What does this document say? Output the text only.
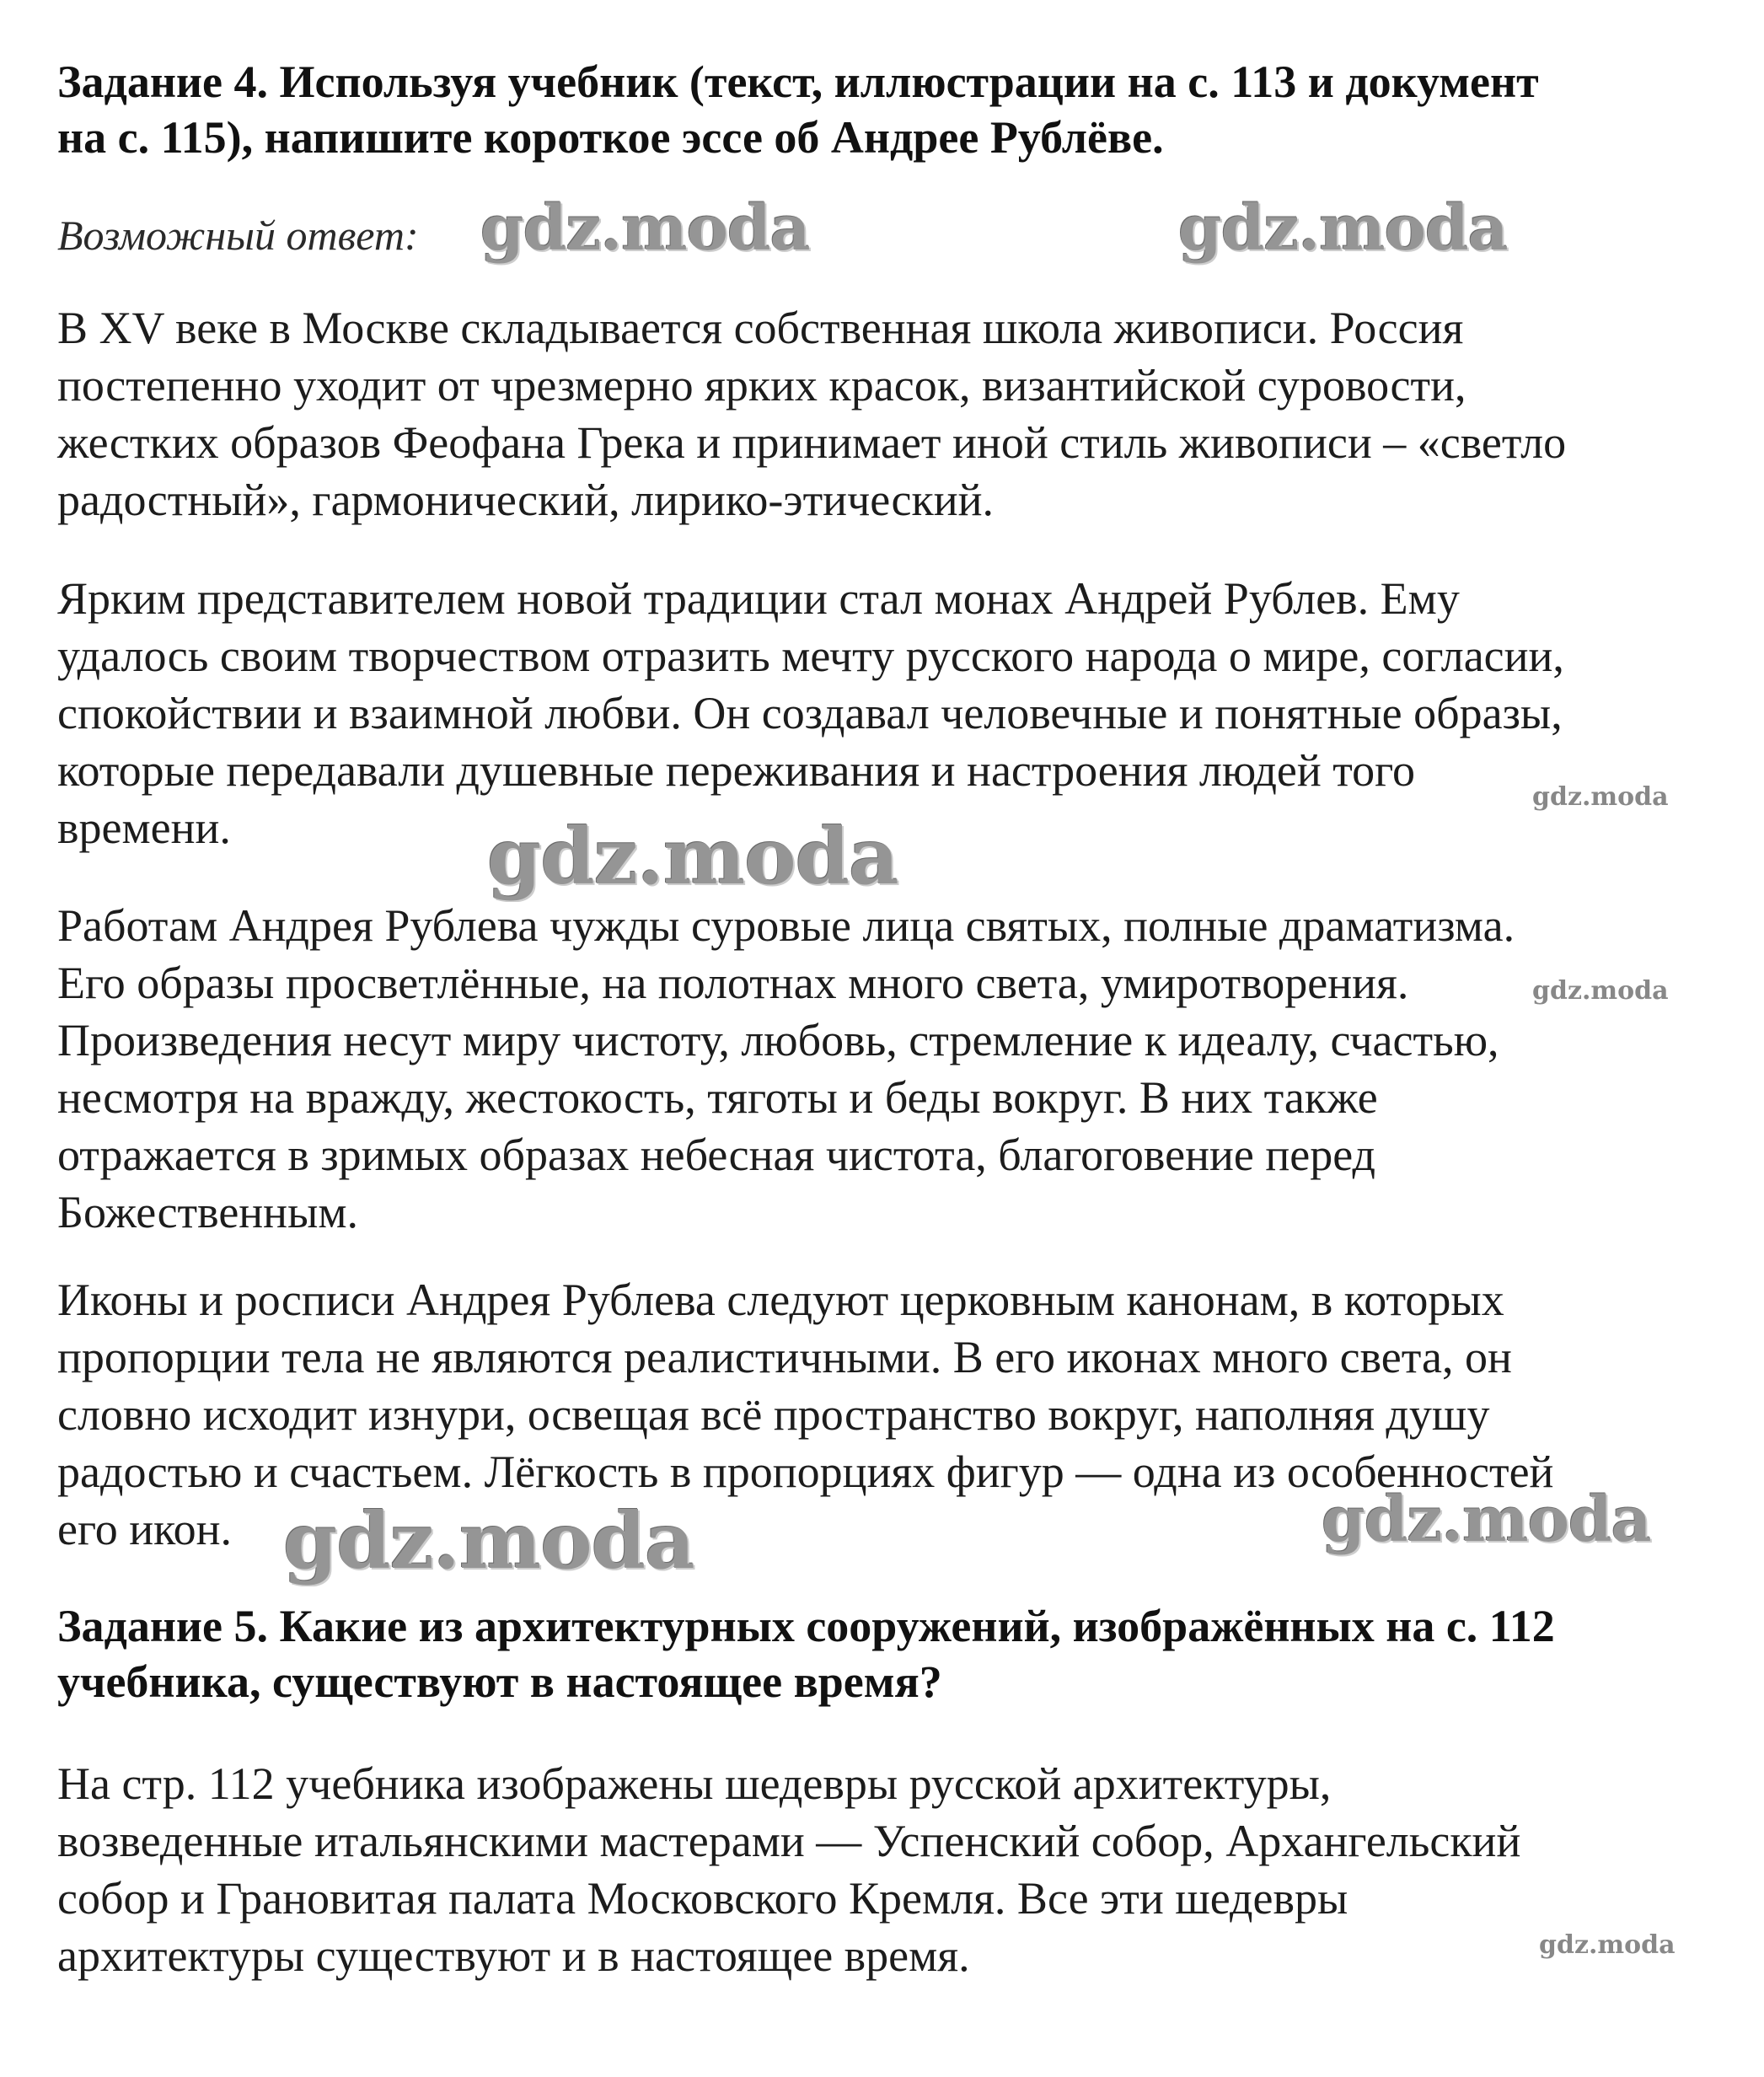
Задание 4. Используя учебник (текст, иллюстрации на с. 113 и документ
на с. 115), напишите короткое эссе об Андрее Рублёве.
Возможный ответ:
В XV веке в Москве складывается собственная школа живописи. Россия
постепенно уходит от чрезмерно ярких красок, византийской суровости,
жестких образов Феофана Грека и принимает иной стиль живописи – «светло
радостный», гармонический, лирико-этический.
Ярким представителем новой традиции стал монах Андрей Рублев. Ему
удалось своим творчеством отразить мечту русского народа о мире, согласии,
спокойствии и взаимной любви. Он создавал человечные и понятные образы,
которые передавали душевные переживания и настроения людей того
времени.
Работам Андрея Рублева чужды суровые лица святых, полные драматизма.
Его образы просветлённые, на полотнах много света, умиротворения.
Произведения несут миру чистоту, любовь, стремление к идеалу, счастью,
несмотря на вражду, жестокость, тяготы и беды вокруг. В них также
отражается в зримых образах небесная чистота, благоговение перед
Божественным.
Иконы и росписи Андрея Рублева следуют церковным канонам, в которых
пропорции тела не являются реалистичными. В его иконах много света, он
словно исходит изнури, освещая всё пространство вокруг, наполняя душу
радостью и счастьем. Лёгкость в пропорциях фигур — одна из особенностей
его икон.
Задание 5. Какие из архитектурных сооружений, изображённых на с. 112
учебника, существуют в настоящее время?
На стр. 112 учебника изображены шедевры русской архитектуры,
возведенные итальянскими мастерами — Успенский собор, Архангельский
собор и Грановитая палата Московского Кремля. Все эти шедевры
архитектуры существуют и в настоящее время.
gdz.moda	gdz.moda
gdz.moda
gdz.moda
gdz.moda
gdz.moda	gdz.moda
gdz.moda
